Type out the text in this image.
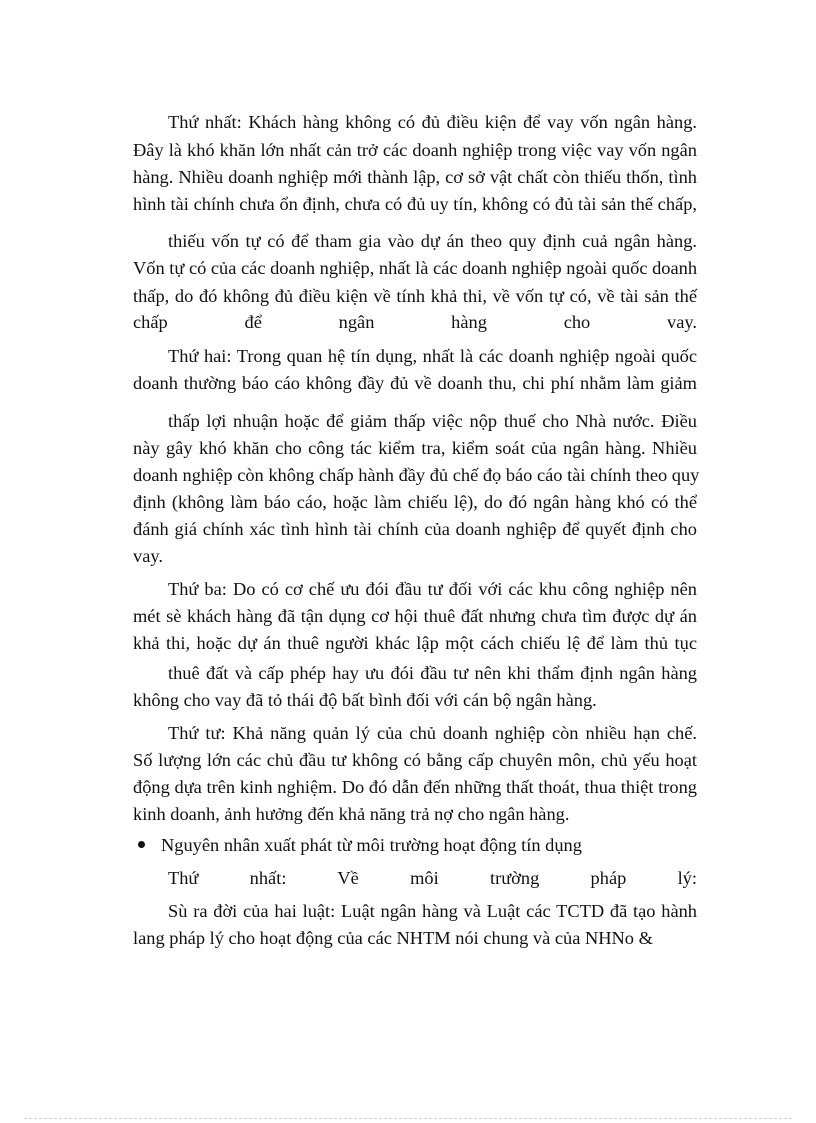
Thứ nhất: Khách hàng không có đủ điều kiện để vay vốn ngân hàng.
Đây là khó khăn lớn nhất cản trở các doanh nghiệp trong việc vay vốn ngân
hàng. Nhiều doanh nghiệp mới thành lập, cơ sở vật chất còn thiếu thốn, tình
hình tài chính chưa ổn định, chưa có đủ uy tín, không có đủ tài sản thế chấp,
thiếu vốn tự có để tham gia vào dự án theo quy định cuả ngân hàng.
Vốn tự có của các doanh nghiệp, nhất là các doanh nghiệp ngoài quốc doanh
thấp, do đó không đủ điều kiện về tính khả thi, về vốn tự có, về tài sản thế
chấp để ngân hàng cho vay.
Thứ hai: Trong quan hệ tín dụng, nhất là các doanh nghiệp ngoài quốc
doanh thường báo cáo không đầy đủ về doanh thu, chi phí nhằm làm giảm
thấp lợi nhuận hoặc để giảm thấp việc nộp thuế cho Nhà nước. Điều
này gây khó khăn cho công tác kiểm tra, kiểm soát của ngân hàng. Nhiều
doanh nghiệp còn không chấp hành đầy đủ chế đọ báo cáo tài chính theo quy
định (không làm báo cáo, hoặc làm chiếu lệ), do đó ngân hàng khó có thể
đánh giá chính xác tình hình tài chính của doanh nghiệp để quyết định cho
vay.
Thứ ba: Do có cơ chế ưu đói đầu tư đối với các khu công nghiệp nên
mét sè khách hàng đã tận dụng cơ hội thuê đất nhưng chưa tìm được dự án
khả thi, hoặc dự án thuê người khác lập một cách chiếu lệ để làm thủ tục
thuê đất và cấp phép hay ưu đói đầu tư nên khi thẩm định ngân hàng
không cho vay đã tỏ thái độ bất bình đối với cán bộ ngân hàng.
Thứ tư: Khả năng quản lý của chủ doanh nghiệp còn nhiều hạn chế.
Số lượng lớn các chủ đầu tư không có bằng cấp chuyên môn, chủ yếu hoạt
động dựa trên kinh nghiệm. Do đó dẫn đến những thất thoát, thua thiệt trong
kinh doanh, ảnh hưởng đến khả năng trả nợ cho ngân hàng.
Nguyên nhân xuất phát từ môi trường hoạt động tín dụng
Thứ nhất: Về môi trường pháp lý:
Sù ra đời của hai luật: Luật ngân hàng và Luật các TCTD đã tạo hành
lang pháp lý cho hoạt động của các NHTM nói chung và của NHNo &
